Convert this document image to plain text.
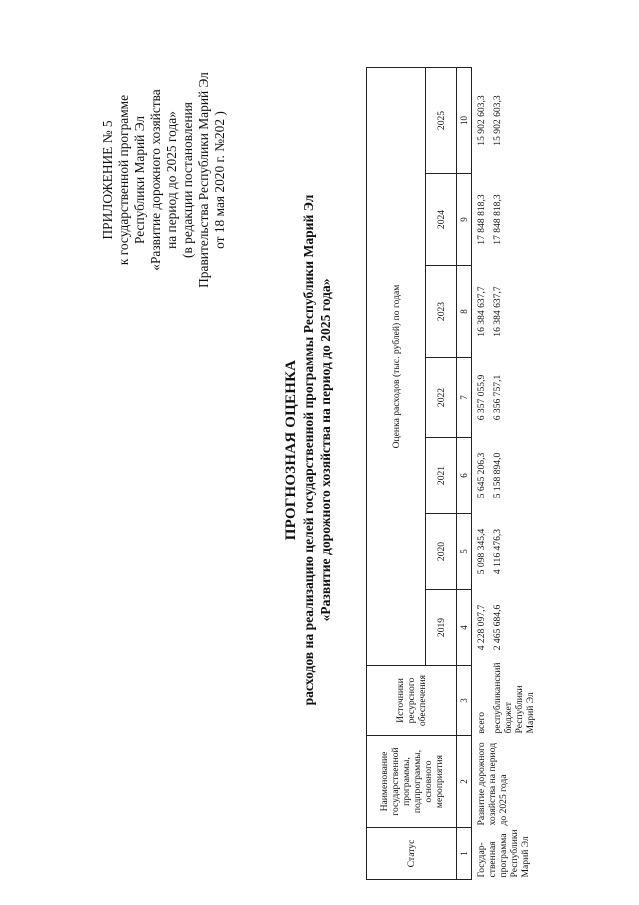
ПРИЛОЖЕНИЕ № 5 к государственной программе Республики Марий Эл «Развитие дорожного хозяйства на период до 2025 года» (в редакции постановления Правительства Республики Марий Эл от 18 мая 2020 г. №202 )
ПРОГНОЗНАЯ ОЦЕНКА расходов на реализацию целей государственной программы Республики Марий Эл «Развитие дорожного хозяйства на период до 2025 года»
Статус	Наименование государственной программы, подпрограммы, основного мероприятия	Источники ресурсного обеспечения	Оценка расходов (тыс. рублей) по годам						
			2019	2020	2021	2022	2023	2024	2025
1	2	3	4	5	6	7	8	9	10
Государ-ственная программа Республики Марий Эл	Развитие дорожного хозяйства на период до 2025 года	всего	4 228 097,7	5 098 345,4	5 645 206,3	6 357 055,9	16 384 637,7	17 848 818,3	15 902 603,3
		республиканский бюджет Республики Марий Эл	2 465 684,6	4 116 476,3	5 158 894,0	6 356 757,1	16 384 637,7	17 848 818,3	15 902 603,3
